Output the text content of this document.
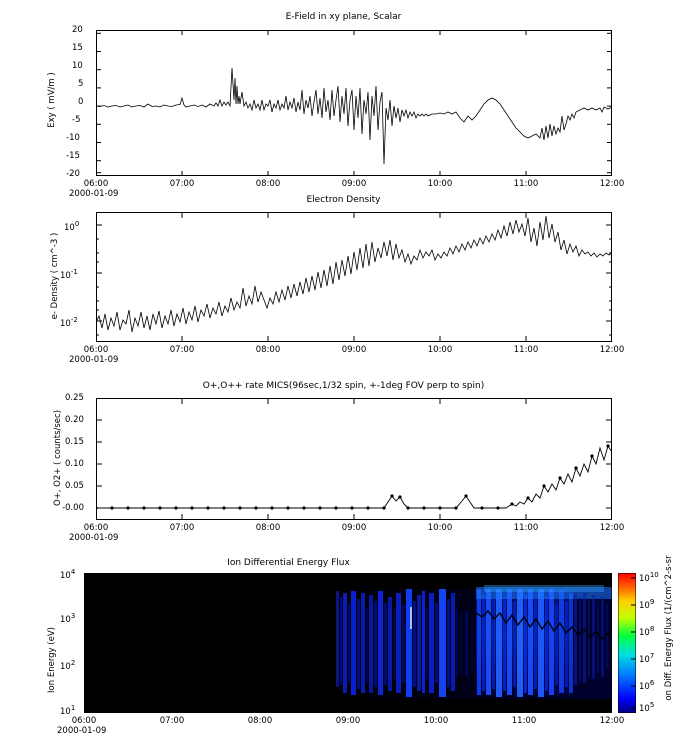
E-Field in xy plane, Scalar
Exy ( mV/m )
20
15
10
5
0
-5
-10
-15
-20
06:00	07:00	08:00	09:00	10:00	11:00	12:00
2000-01-09
Electron Density
e- Density ( cm^-3 )
$10^0$
$10^{-1}$
$10^{-2}$
06:00	07:00	08:00	09:00	10:00	11:00	12:00
2000-01-09
O+,O++ rate MICS(96sec,1/32 spin, +-1deg FOV perp to spin)
O+, O2+ ( counts/sec)
0.25
0.20
0.15
0.10
0.05
-0.00
06:00	07:00	08:00	09:00	10:00	11:00	12:00
2000-01-09
Ion Differential Energy Flux
Ion Energy (eV)
$10^4$
$10^3$
$10^2$
$10^1$
06:00	07:00	08:00	09:00	10:00	11:00	12:00
2000-01-09
$10^{10}$
$10^9$
$10^8$
$10^7$
$10^6$
$10^5$
on Diff. Energy Flux (1/(cm^2-s-sr
